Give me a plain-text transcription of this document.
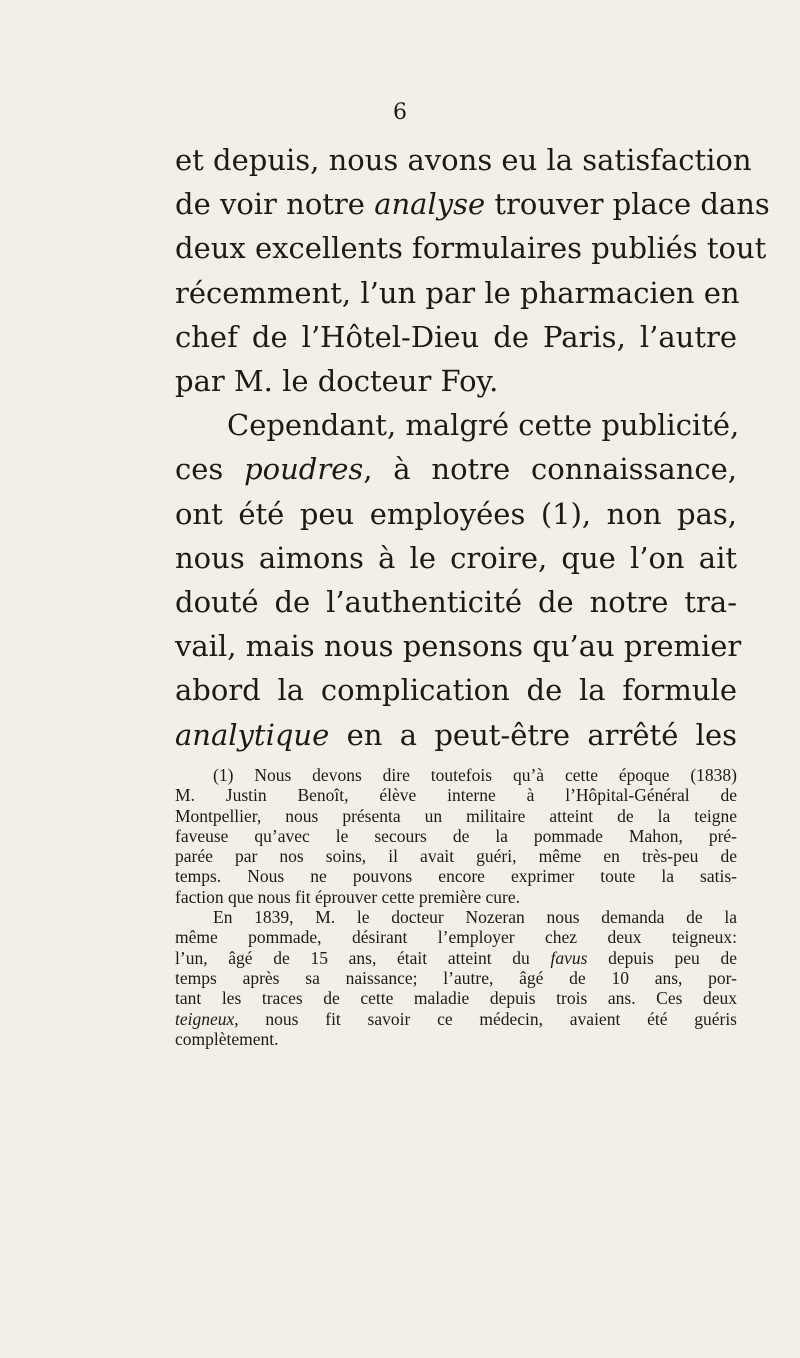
6
et depuis, nous avons eu la satisfaction
de voir notre analyse trouver place dans
deux excellents formulaires publiés tout
récemment, l’un par le pharmacien en
chef de l’Hôtel-Dieu de Paris, l’autre
par M. le docteur Foy.
Cependant, malgré cette publicité,
ces poudres, à notre connaissance,
ont été peu employées (1), non pas,
nous aimons à le croire, que l’on ait
douté de l’authenticité de notre tra-
vail, mais nous pensons qu’au premier
abord la complication de la formule
analytique en a peut-être arrêté les
(1) Nous devons dire toutefois qu’à cette époque (1838)
M. Justin Benoît, élève interne à l’Hôpital-Général de
Montpellier, nous présenta un militaire atteint de la teigne
faveuse qu’avec le secours de la pommade Mahon, pré-
parée par nos soins, il avait guéri, même en très-peu de
temps. Nous ne pouvons encore exprimer toute la satis-
faction que nous fit éprouver cette première cure.
En 1839, M. le docteur Nozeran nous demanda de la
même pommade, désirant l’employer chez deux teigneux:
l’un, âgé de 15 ans, était atteint du favus depuis peu de
temps après sa naissance; l’autre, âgé de 10 ans, por-
tant les traces de cette maladie depuis trois ans. Ces deux
teigneux, nous fit savoir ce médecin, avaient été guéris
complètement.
